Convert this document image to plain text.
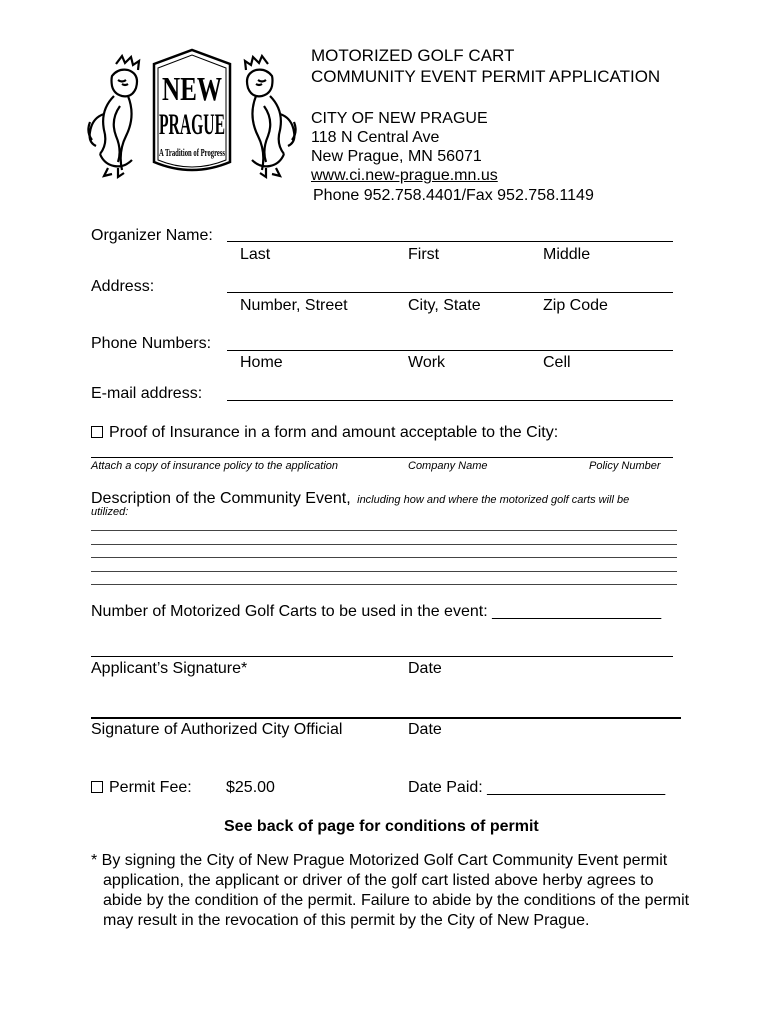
NEW
PRAGUE
A Tradition of Progress
MOTORIZED GOLF CART
COMMUNITY EVENT PERMIT APPLICATION
CITY OF NEW PRAGUE
118 N Central Ave
New Prague, MN 56071
www.ci.new-prague.mn.us
Phone 952.758.4401/Fax 952.758.1149
Organizer Name:
Last	First	Middle
Address:
Number, Street	City, State	Zip Code
Phone Numbers:
Home	Work	Cell
E-mail address:
Proof of Insurance in a form and amount acceptable to the City:
Attach a copy of insurance policy to the application	Company Name	Policy Number
Description of the Community Event, including how and where the motorized golf carts will be
utilized:
Number of Motorized Golf Carts to be used in the event: ___________________
Applicant’s Signature*	Date
Signature of Authorized City Official	Date
Permit Fee: $25.00	Date Paid: ____________________
See back of page for conditions of permit

* By signing the City of New Prague Motorized Golf Cart Community Event permit application, the applicant or driver of the golf cart listed above herby agrees to abide by the condition of the permit. Failure to abide by the conditions of the permit may result in the revocation of this permit by the City of New Prague.
